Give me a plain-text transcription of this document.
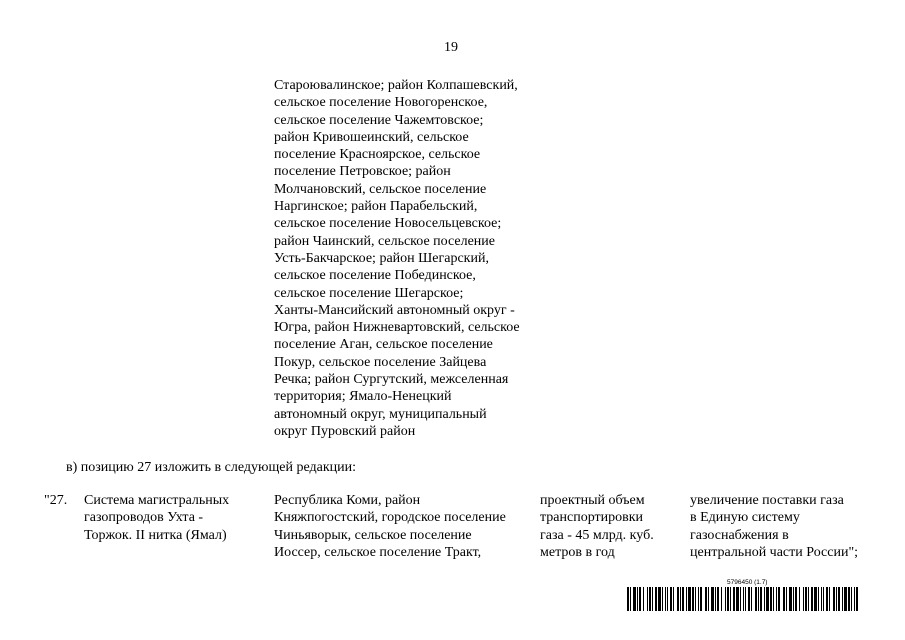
19
Староювалинское; район Колпашевский,
сельское поселение Новогоренское,
сельское поселение Чажемтовское;
район Кривошеинский, сельское
поселение Красноярское, сельское
поселение Петровское; район
Молчановский, сельское поселение
Наргинское; район Парабельский,
сельское поселение Новосельцевское;
район Чаинский, сельское поселение
Усть-Бакчарское; район Шегарский,
сельское поселение Побединское,
сельское поселение Шегарское;
Ханты-Мансийский автономный округ -
Югра, район Нижневартовский, сельское
поселение Аган, сельское поселение
Покур, сельское поселение Зайцева
Речка; район Сургутский, межселенная
территория; Ямало-Ненецкий
автономный округ, муниципальный
округ Пуровский район
в) позицию 27 изложить в следующей редакции:
"27. Система магистральных
газопроводов Ухта -
Торжок. II нитка (Ямал)
Республика Коми, район
Княжпогостский, городское поселение
Чиньяворык, сельское поселение
Иоссер, сельское поселение Тракт,
проектный объем
транспортировки
газа - 45 млрд. куб.
метров в год
увеличение поставки газа
в Единую систему
газоснабжения в
центральной части России";
5796450 (1.7)
